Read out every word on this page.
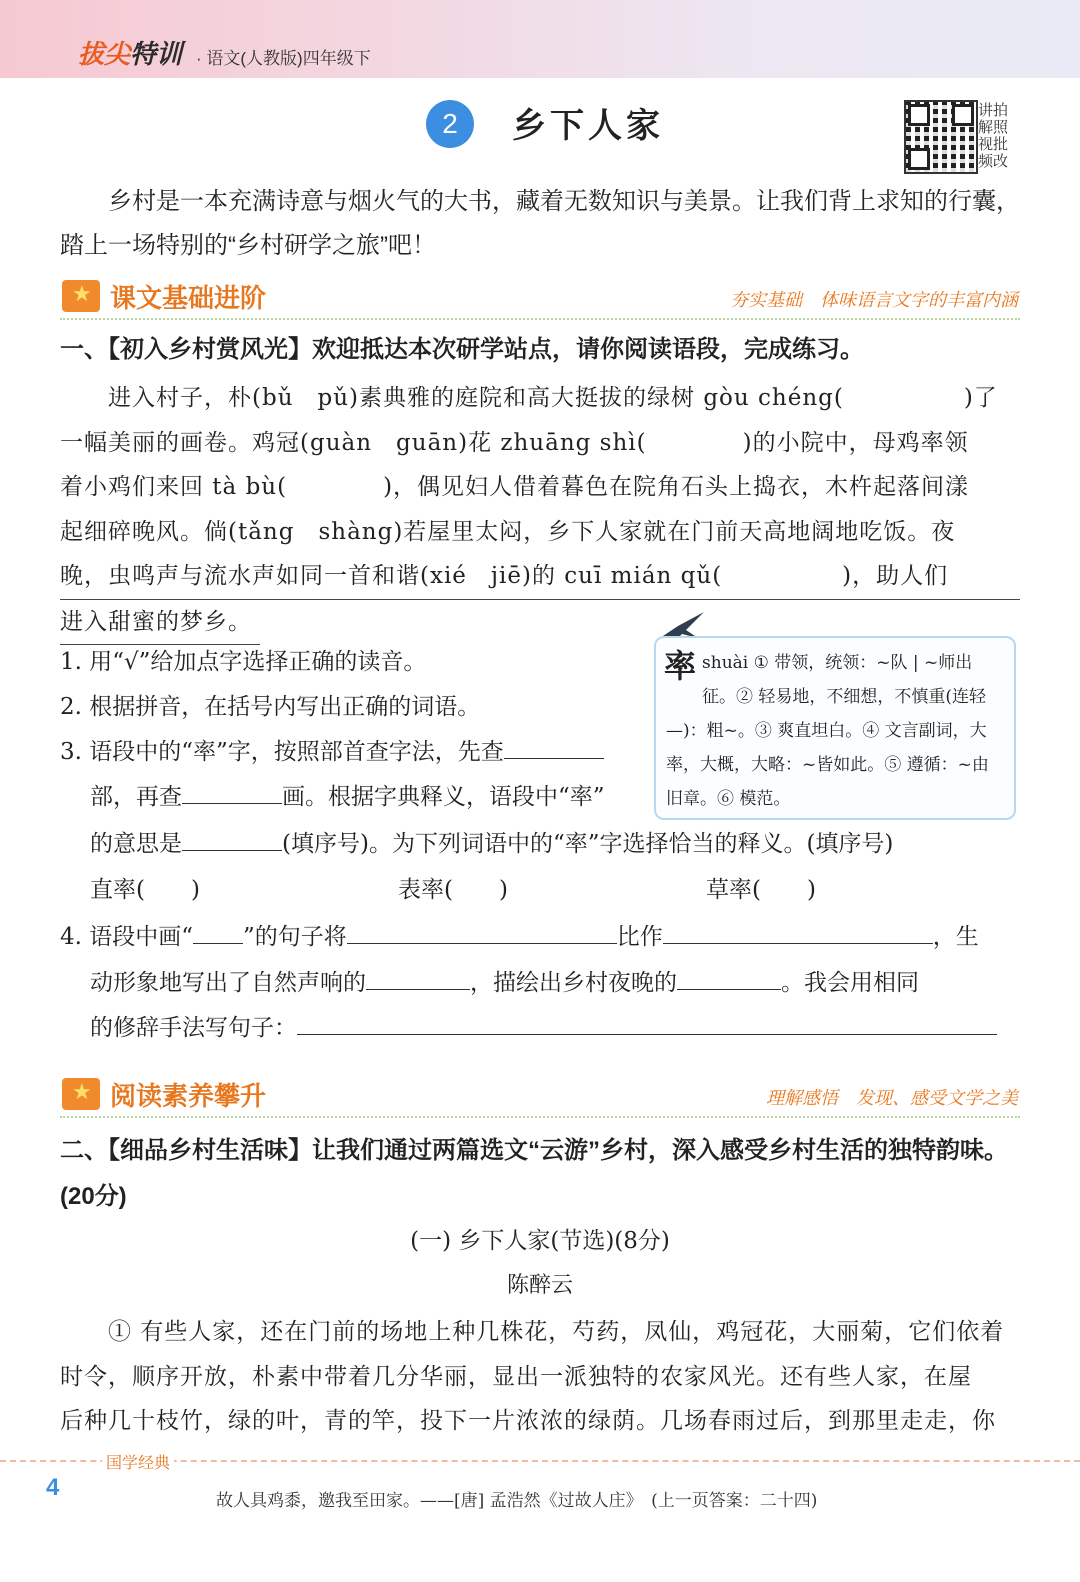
拔尖特训 · 语文(人教版)四年级下
2	乡下人家	讲拍
解照
视批
频改
乡村是一本充满诗意与烟火气的大书，藏着无数知识与美景。让我们背上求知的行囊，踏上一场特别的“乡村研学之旅”吧！
★
课文基础进阶	夯实基础　体味语言文字的丰富内涵
一、【初入乡村赏风光】欢迎抵达本次研学站点，请你阅读语段，完成练习。
　　进入村子，朴(bǔ　pǔ)素典雅的庭院和高大挺拔的绿树 gòu chéng(　　　　　)了
一幅美丽的画卷。鸡冠(guàn　guān)花 zhuāng shì(　　　　)的小院中，母鸡率领
着小鸡们来回 tà bù(　　　　)，偶见妇人借着暮色在院角石头上捣衣，木杵起落间漾
起细碎晚风。倘(tǎng　shàng)若屋里太闷，乡下人家就在门前天高地阔地吃饭。夜
晚，虫鸣声与流水声如同一首和谐(xié　jiē)的 cuī mián qǔ(　　　　　)，助人们
进入甜蜜的梦乡。
1. 用“√”给加点字选择正确的读音。
2. 根据拼音，在括号内写出正确的词语。
3. 语段中的“率”字，按照部首查字法，先查
部，再查	画。根据字典释义，语段中“率”
的意思是	(填序号)。为下列词语中的“率”字选择恰当的释义。(填序号)
直率(　　)	表率(　　)	草率(　　)
4. 语段中画“ ”的句子将	比作	，生
动形象地写出了自然声响的	，描绘出乡村夜晚的	。我会用相同
的修辞手法写句子：
率 shuài ① 带领，统领：~队 | ~师出征。② 轻易地，不细想，不慎重(连轻—)：粗~。③ 爽直坦白。④ 文言副词，大率，大概，大略：~皆如此。⑤ 遵循：~由旧章。⑥ 模范。
★
阅读素养攀升	理解感悟　发现、感受文学之美
二、【细品乡村生活味】让我们通过两篇选文“云游”乡村，深入感受乡村生活的独特韵味。(20分)
(一) 乡下人家(节选)(8分)
陈醉云
① 有些人家，还在门前的场地上种几株花，芍药，凤仙，鸡冠花，大丽菊，它们依着
时令，顺序开放，朴素中带着几分华丽，显出一派独特的农家风光。还有些人家，在屋
后种几十枝竹，绿的叶，青的竿，投下一片浓浓的绿荫。几场春雨过后，到那里走走，你
国学经典
4	故人具鸡黍，邀我至田家。——[唐] 孟浩然《过故人庄》　(上一页答案：二十四)
